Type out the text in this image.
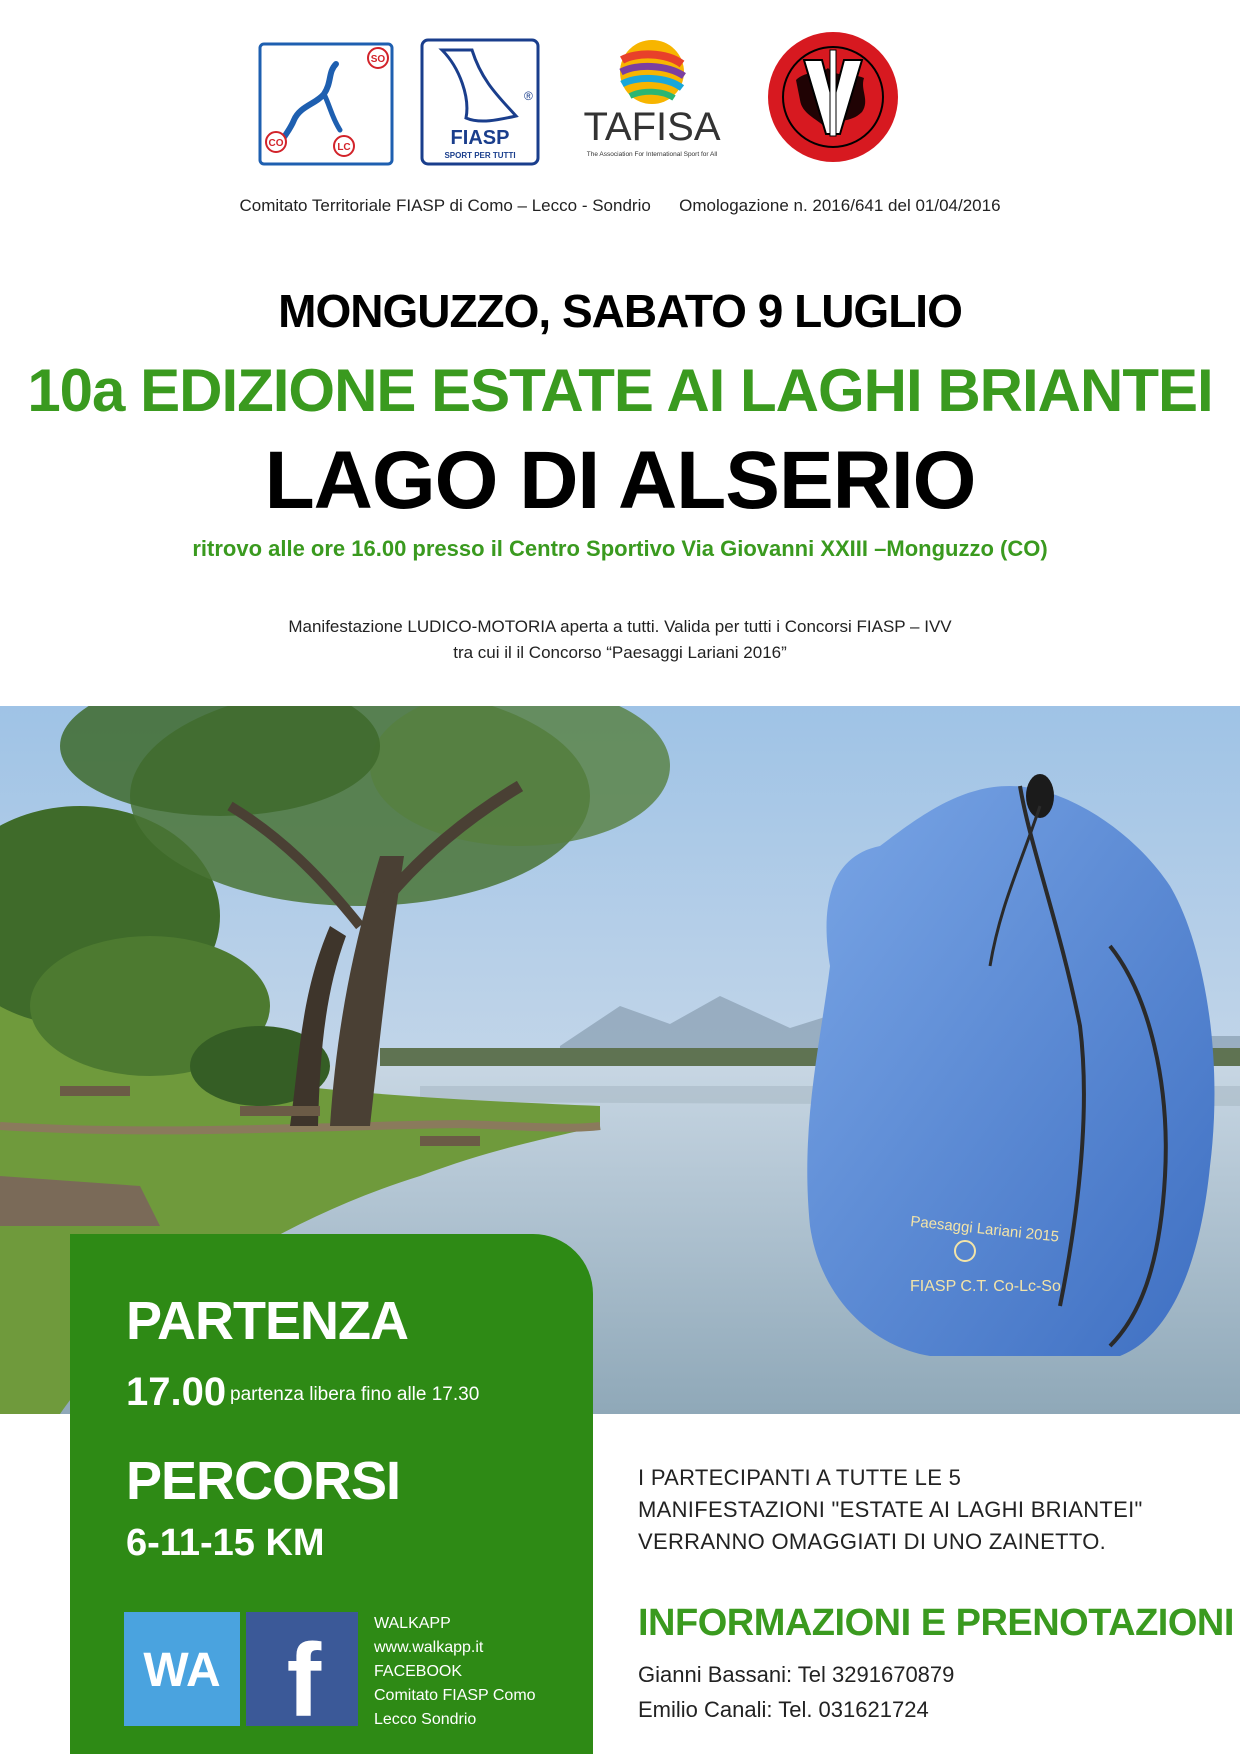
SO
CO	LC
®
FIASP
SPORT PER TUTTI
TAFISA
The Association For International Sport for All
Comitato Territoriale FIASP di Como – Lecco - Sondrio Omologazione n. 2016/641 del 01/04/2016
MONGUZZO, SABATO 9 LUGLIO
10a EDIZIONE ESTATE AI LAGHI BRIANTEI
LAGO DI ALSERIO
ritrovo alle ore 16.00 presso il Centro Sportivo Via Giovanni XXIII –Monguzzo (CO)
Manifestazione LUDICO-MOTORIA aperta a tutti. Valida per tutti i Concorsi FIASP – IVV
tra cui il il Concorso “Paesaggi Lariani 2016”
Paesaggi Lariani 2015
FIASP C.T. Co-Lc-So
PARTENZA
17.00 partenza libera fino alle 17.30
PERCORSI
6-11-15 KM
WA f	WALKAPP
www.walkapp.it
FACEBOOK
Comitato FIASP Como
Lecco Sondrio
I PARTECIPANTI A TUTTE LE 5
MANIFESTAZIONI "ESTATE AI LAGHI BRIANTEI"
VERRANNO OMAGGIATI DI UNO ZAINETTO.
INFORMAZIONI E PRENOTAZIONI
Gianni Bassani: Tel 3291670879
Emilio Canali: Tel. 031621724
